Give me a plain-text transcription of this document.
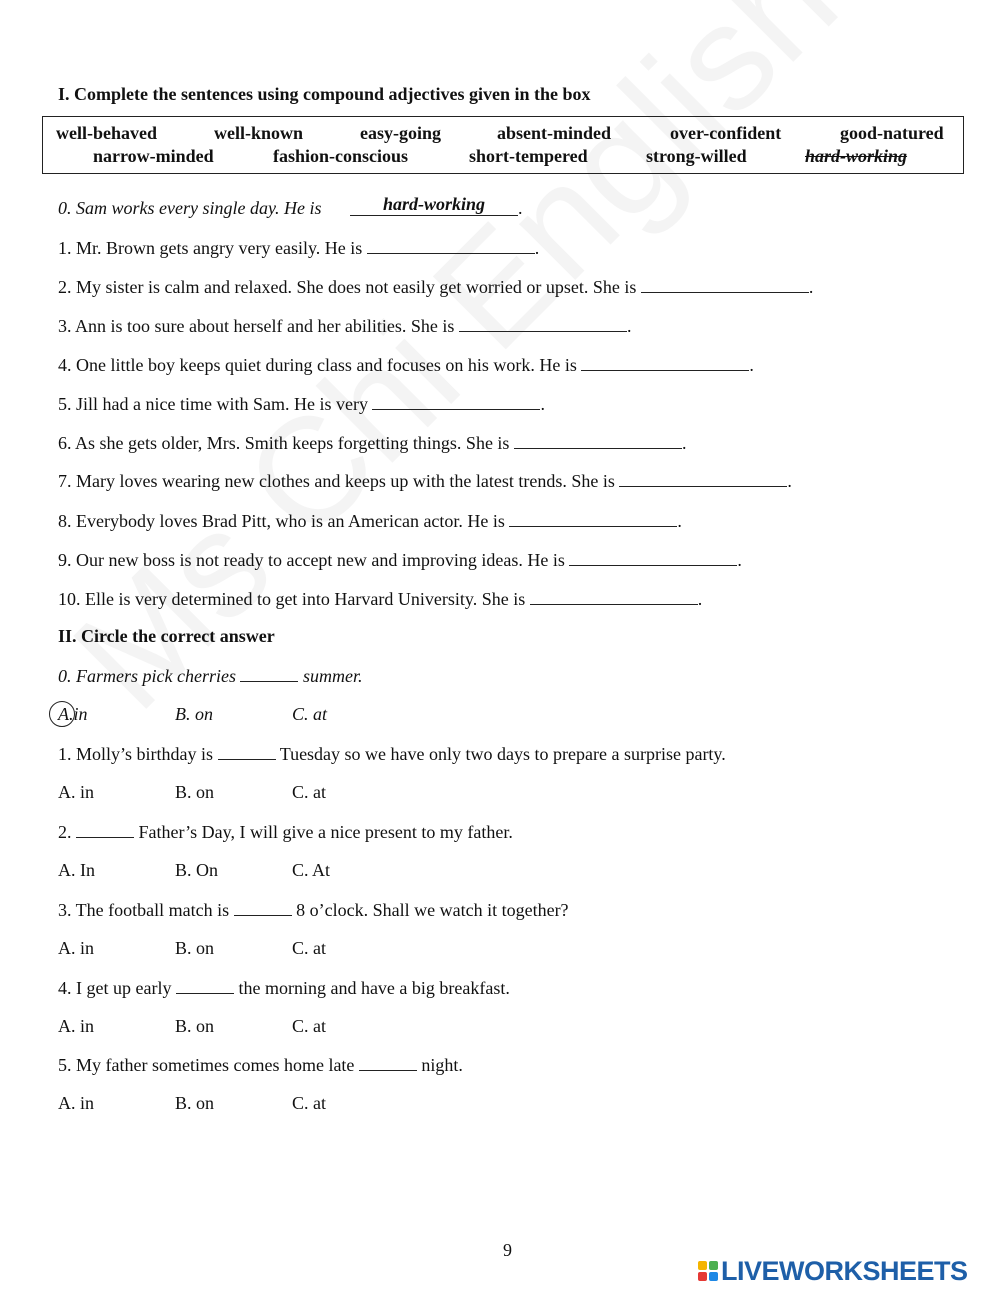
I. Complete the sentences using compound adjectives given in the box
well-behaved	well-known	easy-going	absent-minded	over-confident	good-natured
narrow-minded	fashion-conscious	short-tempered	strong-willed	hard-working
0. Sam works every single day. He is	hard-working	.
1. Mr. Brown gets angry very easily. He is	.
2. My sister is calm and relaxed. She does not easily get worried or upset. She is	.
3. Ann is too sure about herself and her abilities. She is	.
4. One little boy keeps quiet during class and focuses on his work. He is	.
5. Jill had a nice time with Sam. He is very	.
6. As she gets older, Mrs. Smith keeps forgetting things. She is	.
7. Mary loves wearing new clothes and keeps up with the latest trends. She is	.
8. Everybody loves Brad Pitt, who is an American actor. He is	.
9. Our new boss is not ready to accept new and improving ideas. He is	.
10. Elle is very determined to get into Harvard University. She is	.
II. Circle the correct answer
0. Farmers pick cherries	summer.
A.in	B. on	C. at
1. Molly’s birthday is	Tuesday so we have only two days to prepare a surprise party.
A. in	B. on	C. at
2.	Father’s Day, I will give a nice present to my father.
A. In	B. On	C. At
3. The football match is	8 o’clock. Shall we watch it together?
A. in	B. on	C. at
4. I get up early	the morning and have a big breakfast.
A. in	B. on	C. at
5. My father sometimes comes home late	night.
A. in	B. on	C. at
9
LIVEWORKSHEETS
